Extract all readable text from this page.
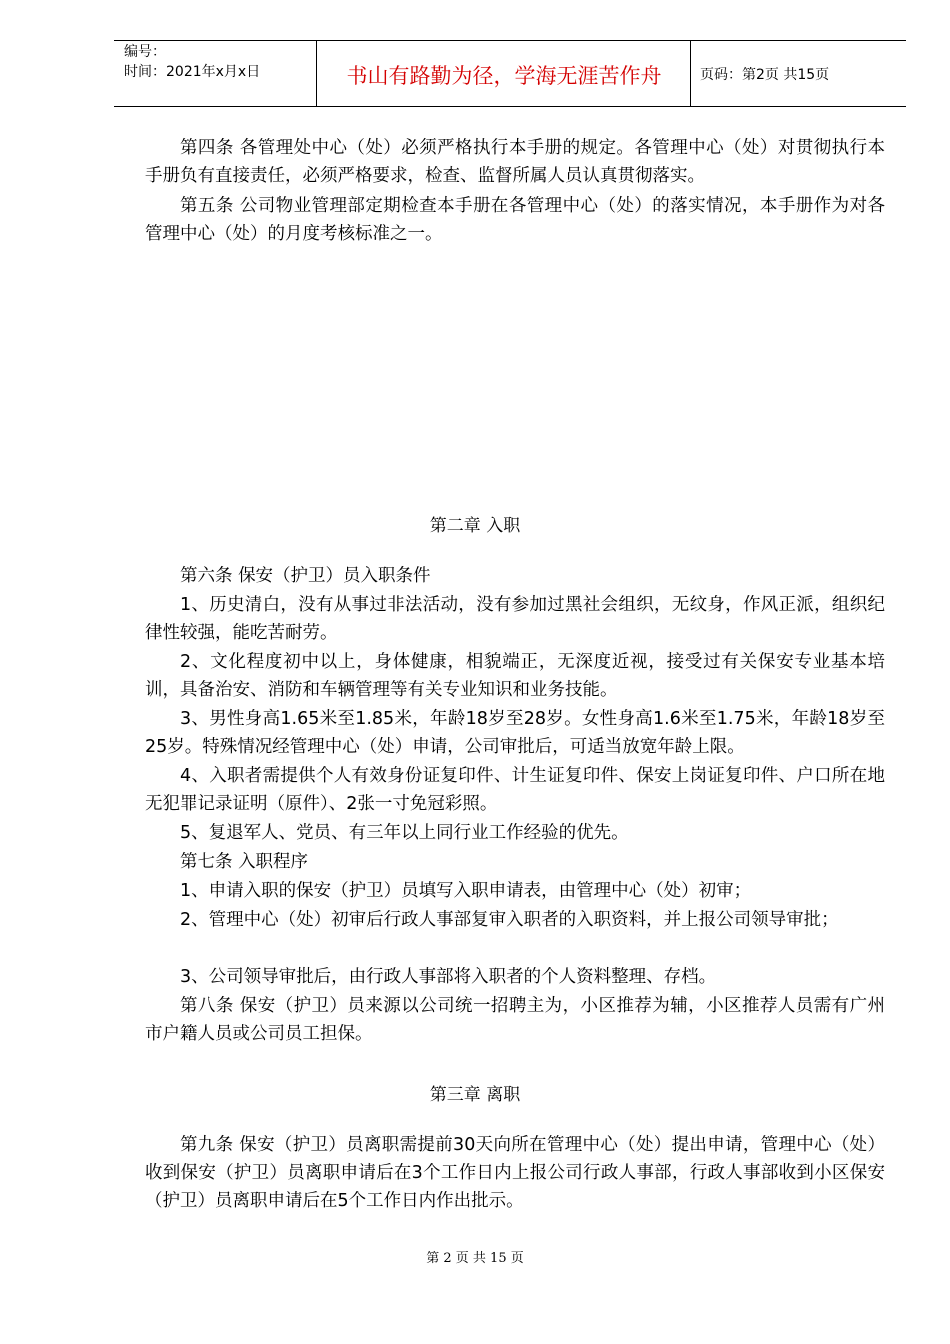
编号：
时间：2021年x月x日	书山有路勤为径，学海无涯苦作舟	页码：第2页 共15页
第四条 各管理处中心（处）必须严格执行本手册的规定。各管理中心（处）对贯彻执行本手册负有直接责任，必须严格要求，检查、监督所属人员认真贯彻落实。
第五条 公司物业管理部定期检查本手册在各管理中心（处）的落实情况，本手册作为对各管理中心（处）的月度考核标准之一。
第二章 入职
第六条 保安（护卫）员入职条件
1、历史清白，没有从事过非法活动，没有参加过黑社会组织，无纹身，作风正派，组织纪律性较强，能吃苦耐劳。
2、文化程度初中以上，身体健康，相貌端正，无深度近视，接受过有关保安专业基本培训，具备治安、消防和车辆管理等有关专业知识和业务技能。
3、男性身高1.65米至1.85米，年龄18岁至28岁。女性身高1.6米至1.75米，年龄18岁至25岁。特殊情况经管理中心（处）申请，公司审批后，可适当放宽年龄上限。
4、入职者需提供个人有效身份证复印件、计生证复印件、保安上岗证复印件、户口所在地无犯罪记录证明（原件）、2张一寸免冠彩照。
5、复退军人、党员、有三年以上同行业工作经验的优先。
第七条 入职程序
1、申请入职的保安（护卫）员填写入职申请表，由管理中心（处）初审；
2、管理中心（处）初审后行政人事部复审入职者的入职资料，并上报公司领导审批；
3、公司领导审批后，由行政人事部将入职者的个人资料整理、存档。
第八条 保安（护卫）员来源以公司统一招聘主为，小区推荐为辅，小区推荐人员需有广州市户籍人员或公司员工担保。
第三章 离职
第九条 保安（护卫）员离职需提前30天向所在管理中心（处）提出申请，管理中心（处）收到保安（护卫）员离职申请后在3个工作日内上报公司行政人事部，行政人事部收到小区保安（护卫）员离职申请后在5个工作日内作出批示。
第 2 页 共 15 页
